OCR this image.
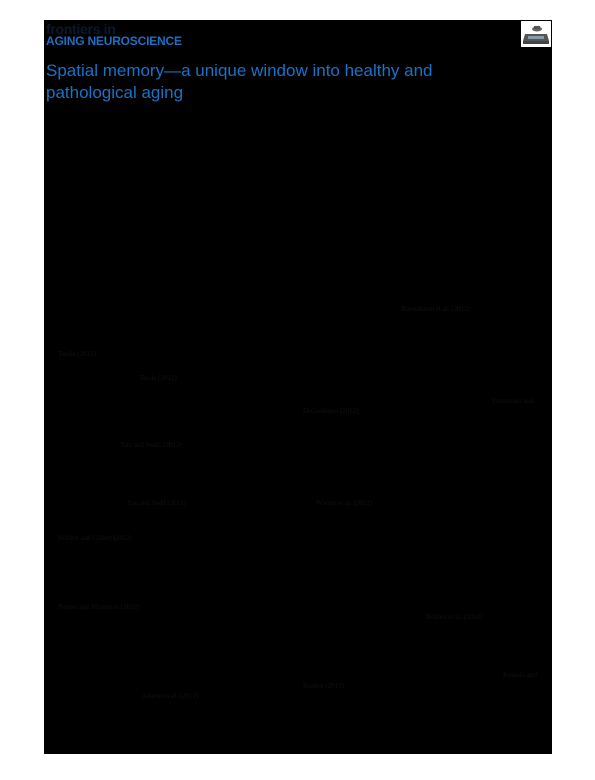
frontiers in
AGING NEUROSCIENCE
Spatial memory—a unique window into healthy and pathological aging
Rosenbaum et al. (2012)
Tanila (2012)
Tanila (2012)
Yamamoto and
DeGirolamo (2012)
Yau and Sedd. (2012)
Yau and Sedd (2012)	Wiener et al. (2012)
Holden and Gilbert (2012)
Penner and Mizumori (2012)
Bohbot et al. (2012)
Konishi and
Bohbot (2013)
Adamo et al. (2012)
